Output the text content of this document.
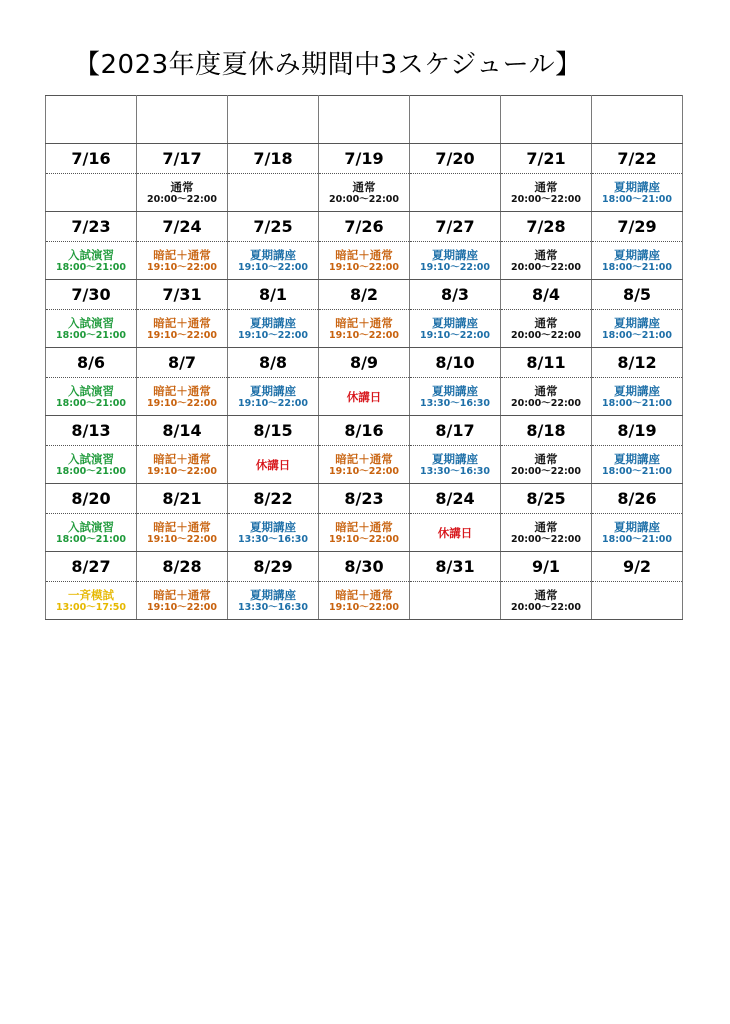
【2023年度夏休み期間中3スケジュール】

7/16	7/17	7/18	7/19	7/20	7/21	7/22

	通常
20:00〜22:00		通常
20:00〜22:00		通常
20:00〜22:00	夏期講座
18:00〜21:00

7/23	7/24	7/25	7/26	7/27	7/28	7/29

入試演習
18:00〜21:00	暗記＋通常
19:10〜22:00	夏期講座
19:10〜22:00	暗記＋通常
19:10〜22:00	夏期講座
19:10〜22:00	通常
20:00〜22:00	夏期講座
18:00〜21:00

7/30	7/31	8/1	8/2	8/3	8/4	8/5

入試演習
18:00〜21:00	暗記＋通常
19:10〜22:00	夏期講座
19:10〜22:00	暗記＋通常
19:10〜22:00	夏期講座
19:10〜22:00	通常
20:00〜22:00	夏期講座
18:00〜21:00

8/6	8/7	8/8	8/9	8/10	8/11	8/12

入試演習
18:00〜21:00	暗記＋通常
19:10〜22:00	夏期講座
19:10〜22:00	休講日	夏期講座
13:30〜16:30	通常
20:00〜22:00	夏期講座
18:00〜21:00

8/13	8/14	8/15	8/16	8/17	8/18	8/19

入試演習
18:00〜21:00	暗記＋通常
19:10〜22:00	休講日	暗記＋通常
19:10〜22:00	夏期講座
13:30〜16:30	通常
20:00〜22:00	夏期講座
18:00〜21:00

8/20	8/21	8/22	8/23	8/24	8/25	8/26

入試演習
18:00〜21:00	暗記＋通常
19:10〜22:00	夏期講座
13:30〜16:30	暗記＋通常
19:10〜22:00	休講日	通常
20:00〜22:00	夏期講座
18:00〜21:00

8/27	8/28	8/29	8/30	8/31	9/1	9/2

一斉模試
13:00〜17:50	暗記＋通常
19:10〜22:00	夏期講座
13:30〜16:30	暗記＋通常
19:10〜22:00		通常
20:00〜22:00	
